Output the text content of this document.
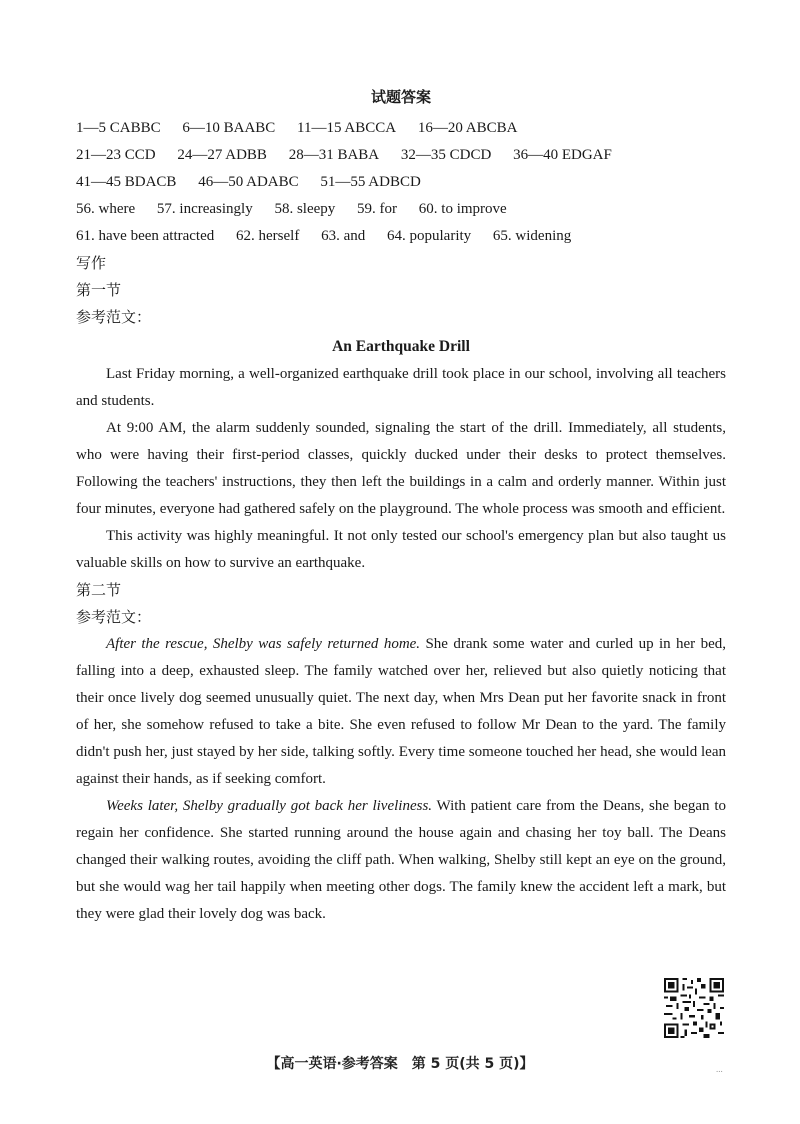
试题答案
1—5 CABBC 6—10 BAABC 11—15 ABCCA 16—20 ABCBA
21—23 CCD 24—27 ADBB 28—31 BABA 32—35 CDCD 36—40 EDGAF
41—45 BDACB 46—50 ADABC 51—55 ADBCD
56. where 57. increasingly 58. sleepy 59. for 60. to improve
61. have been attracted 62. herself 63. and 64. popularity 65. widening
写作
第一节
参考范文：
An Earthquake Drill

Last Friday morning, a well-organized earthquake drill took place in our school, involving all teachers and students.

At 9:00 AM, the alarm suddenly sounded, signaling the start of the drill. Immediately, all students, who were having their first-period classes, quickly ducked under their desks to protect themselves. Following the teachers' instructions, they then left the buildings in a calm and orderly manner. Within just four minutes, everyone had gathered safely on the playground. The whole process was smooth and efficient.

This activity was highly meaningful. It not only tested our school's emergency plan but also taught us valuable skills on how to survive an earthquake.

第二节
参考范文：

After the rescue, Shelby was safely returned home. She drank some water and curled up in her bed, falling into a deep, exhausted sleep. The family watched over her, relieved but also quietly noticing that their once lively dog seemed unusually quiet. The next day, when Mrs Dean put her favorite snack in front of her, she somehow refused to take a bite. She even refused to follow Mr Dean to the yard. The family didn't push her, just stayed by her side, talking softly. Every time someone touched her head, she would lean against their hands, as if seeking comfort.

Weeks later, Shelby gradually got back her liveliness. With patient care from the Deans, she began to regain her confidence. She started running around the house again and chasing her toy ball. The Deans changed their walking routes, avoiding the cliff path. When walking, Shelby still kept an eye on the ground, but she would wag her tail happily when meeting other dogs. The family knew the accident left a mark, but they were glad their lovely dog was back.

【高一英语·参考答案　第 5 页(共 5 页)】	...
